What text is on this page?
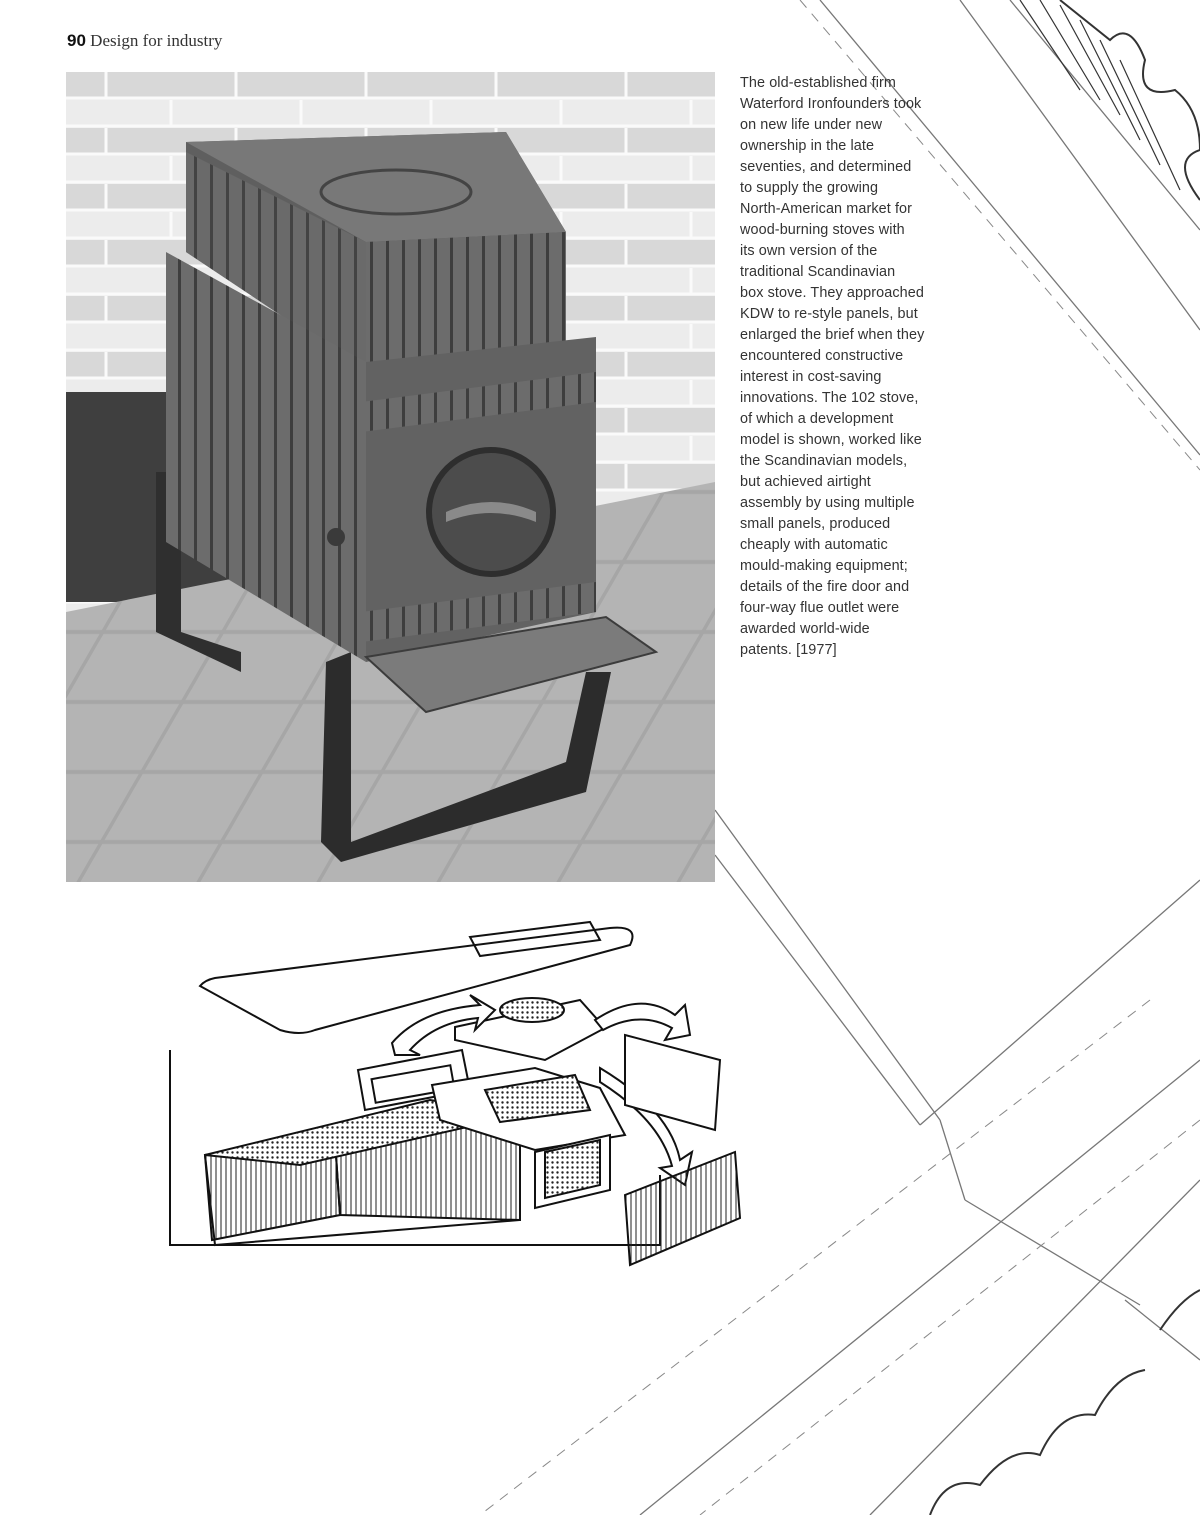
90 Design for industry
The old-established firm
Waterford Ironfounders took
on new life under new
ownership in the late
seventies, and determined
to supply the growing
North-American market for
wood-burning stoves with
its own version of the
traditional Scandinavian
box stove. They approached
KDW to re-style panels, but
enlarged the brief when they
encountered constructive
interest in cost-saving
innovations. The 102 stove,
of which a development
model is shown, worked like
the Scandinavian models,
but achieved airtight
assembly by using multiple
small panels, produced
cheaply with automatic
mould-making equipment;
details of the fire door and
four-way flue outlet were
awarded world-wide
patents. [1977]
